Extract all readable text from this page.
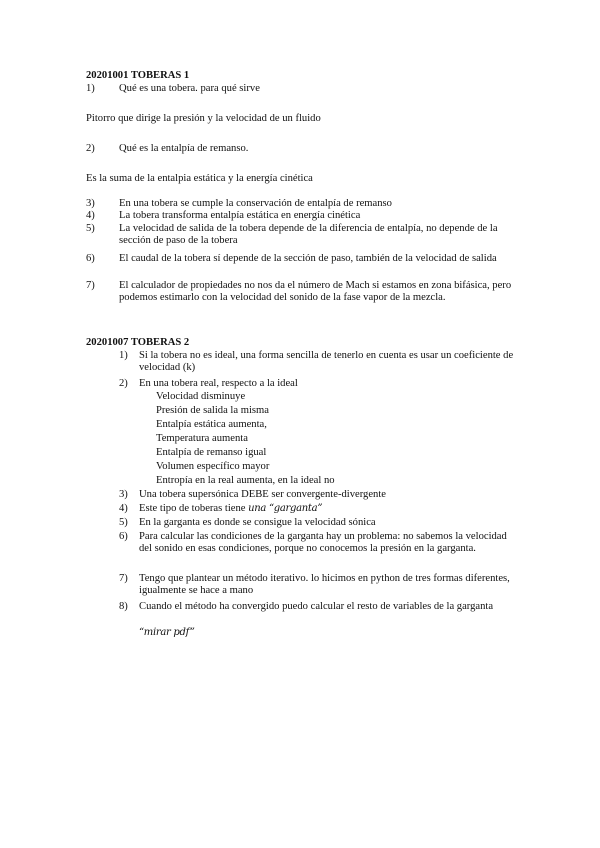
20201001 TOBERAS 1
1) Qué es una tobera. para qué sirve
Pitorro que dirige la presión y la velocidad de un fluido
2) Qué es la entalpía de remanso.
Es la suma de la entalpia estática y la energía cinética
3) En una tobera se cumple la conservación de entalpía de remanso
4) La tobera transforma entalpía estática en energía cinética
5) La velocidad de salida de la tobera depende de la diferencia de entalpía, no depende de la sección de paso de la tobera
6) El caudal de la tobera sí depende de la sección de paso, también de la velocidad de salida
7) El calculador de propiedades no nos da el número de Mach si estamos en zona bifásica, pero podemos estimarlo con la velocidad del sonido de la fase vapor de la mezcla.
20201007 TOBERAS 2
1) Si la tobera no es ideal, una forma sencilla de tenerlo en cuenta es usar un coeficiente de velocidad (k)
2) En una tobera real, respecto a la ideal
Velocidad disminuye
Presión de salida la misma
Entalpía estática aumenta,
Temperatura aumenta
Entalpía de remanso igual
Volumen específico mayor
Entropía en la real aumenta, en la ideal no
3) Una tobera supersónica DEBE ser convergente-divergente
4) Este tipo de toberas tiene una “garganta”
5) En la garganta es donde se consigue la velocidad sónica
6) Para calcular las condiciones de la garganta hay un problema: no sabemos la velocidad del sonido en esas condiciones, porque no conocemos la presión en la garganta.
7) Tengo que plantear un método iterativo. lo hicimos en python de tres formas diferentes, igualmente se hace a mano
8) Cuando el método ha convergido puedo calcular el resto de variables de la garganta
“mirar pdf”
